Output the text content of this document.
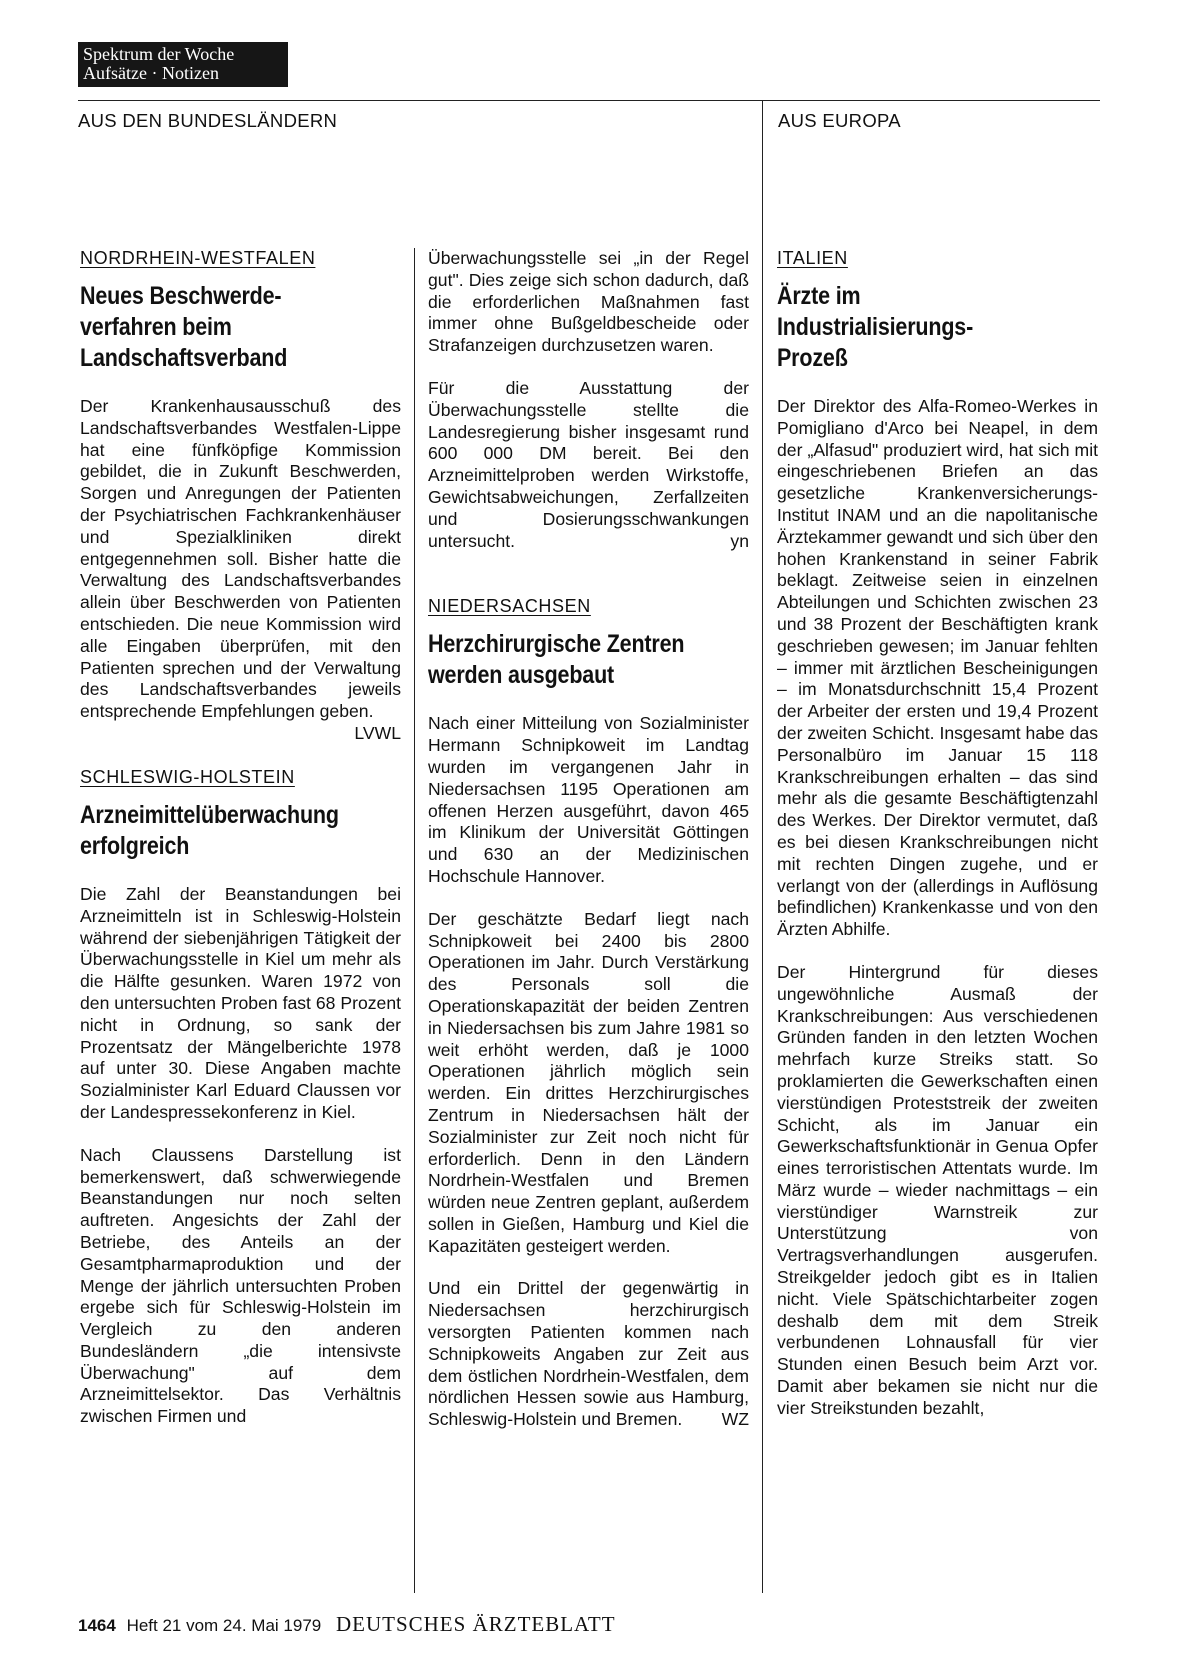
Spektrum der Woche
Aufsätze · Notizen
AUS DEN BUNDESLÄNDERN	AUS EUROPA
NORDRHEIN-WESTFALEN
Neues Beschwerde-
verfahren beim
Landschaftsverband

Der Krankenhausausschuß des Landschaftsverbandes Westfalen-Lippe hat eine fünfköpfige Kommission gebildet, die in Zukunft Beschwerden, Sorgen und Anregungen der Patienten der Psychiatrischen Fachkrankenhäuser und Spezialkliniken direkt entgegennehmen soll. Bisher hatte die Verwaltung des Landschaftsverbandes allein über Beschwerden von Patienten entschieden. Die neue Kommission wird alle Eingaben überprüfen, mit den Patienten sprechen und der Verwaltung des Landschaftsverbandes jeweils entsprechende Empfehlungen geben.
LVWL

SCHLESWIG-HOLSTEIN
Arzneimittelüberwachung
erfolgreich

Die Zahl der Beanstandungen bei Arzneimitteln ist in Schleswig-Holstein während der siebenjährigen Tätigkeit der Überwachungsstelle in Kiel um mehr als die Hälfte gesunken. Waren 1972 von den untersuchten Proben fast 68 Prozent nicht in Ordnung, so sank der Prozentsatz der Mängelberichte 1978 auf unter 30. Diese Angaben machte Sozialminister Karl Eduard Claussen vor der Landespressekonferenz in Kiel.

Nach Claussens Darstellung ist bemerkenswert, daß schwerwiegende Beanstandungen nur noch selten auftreten. Angesichts der Zahl der Betriebe, des Anteils an der Gesamtpharmaproduktion und der Menge der jährlich untersuchten Proben ergebe sich für Schleswig-Holstein im Vergleich zu den anderen Bundesländern „die intensivste Überwachung" auf dem Arzneimittelsektor. Das Verhältnis zwischen Firmen und

Überwachungsstelle sei „in der Regel gut". Dies zeige sich schon dadurch, daß die erforderlichen Maßnahmen fast immer ohne Bußgeldbescheide oder Strafanzeigen durchzusetzen waren.

Für die Ausstattung der Überwachungsstelle stellte die Landesregierung bisher insgesamt rund 600 000 DM bereit. Bei den Arzneimittelproben werden Wirkstoffe, Gewichtsabweichungen, Zerfallzeiten und Dosierungsschwankungen untersucht.	yn

NIEDERSACHSEN
Herzchirurgische Zentren
werden ausgebaut

Nach einer Mitteilung von Sozialminister Hermann Schnipkoweit im Landtag wurden im vergangenen Jahr in Niedersachsen 1195 Operationen am offenen Herzen ausgeführt, davon 465 im Klinikum der Universität Göttingen und 630 an der Medizinischen Hochschule Hannover.

Der geschätzte Bedarf liegt nach Schnipkoweit bei 2400 bis 2800 Operationen im Jahr. Durch Verstärkung des Personals soll die Operationskapazität der beiden Zentren in Niedersachsen bis zum Jahre 1981 so weit erhöht werden, daß je 1000 Operationen jährlich möglich sein werden. Ein drittes Herzchirurgisches Zentrum in Niedersachsen hält der Sozialminister zur Zeit noch nicht für erforderlich. Denn in den Ländern Nordrhein-Westfalen und Bremen würden neue Zentren geplant, außerdem sollen in Gießen, Hamburg und Kiel die Kapazitäten gesteigert werden.

Und ein Drittel der gegenwärtig in Niedersachsen herzchirurgisch versorgten Patienten kommen nach Schnipkoweits Angaben zur Zeit aus dem östlichen Nordrhein-Westfalen, dem nördlichen Hessen sowie aus Hamburg, Schleswig-Holstein und Bremen. WZ

ITALIEN
Ärzte im
Industrialisierungs-
Prozeß

Der Direktor des Alfa-Romeo-Werkes in Pomigliano d'Arco bei Neapel, in dem der „Alfasud" produziert wird, hat sich mit eingeschriebenen Briefen an das gesetzliche Krankenversicherungs-Institut INAM und an die napolitanische Ärztekammer gewandt und sich über den hohen Krankenstand in seiner Fabrik beklagt. Zeitweise seien in einzelnen Abteilungen und Schichten zwischen 23 und 38 Prozent der Beschäftigten krank geschrieben gewesen; im Januar fehlten – immer mit ärztlichen Bescheinigungen – im Monatsdurchschnitt 15,4 Prozent der Arbeiter der ersten und 19,4 Prozent der zweiten Schicht. Insgesamt habe das Personalbüro im Januar 15 118 Krankschreibungen erhalten – das sind mehr als die gesamte Beschäftigtenzahl des Werkes. Der Direktor vermutet, daß es bei diesen Krankschreibungen nicht mit rechten Dingen zugehe, und er verlangt von der (allerdings in Auflösung befindlichen) Krankenkasse und von den Ärzten Abhilfe.

Der Hintergrund für dieses ungewöhnliche Ausmaß der Krankschreibungen: Aus verschiedenen Gründen fanden in den letzten Wochen mehrfach kurze Streiks statt. So proklamierten die Gewerkschaften einen vierstündigen Proteststreik der zweiten Schicht, als im Januar ein Gewerkschaftsfunktionär in Genua Opfer eines terroristischen Attentats wurde. Im März wurde – wieder nachmittags – ein vierstündiger Warnstreik zur Unterstützung von Vertragsverhandlungen ausgerufen. Streikgelder jedoch gibt es in Italien nicht. Viele Spätschichtarbeiter zogen deshalb dem mit dem Streik verbundenen Lohnausfall für vier Stunden einen Besuch beim Arzt vor. Damit aber bekamen sie nicht nur die vier Streikstunden bezahlt,

1464 Heft 21 vom 24. Mai 1979 DEUTSCHES ÄRZTEBLATT
